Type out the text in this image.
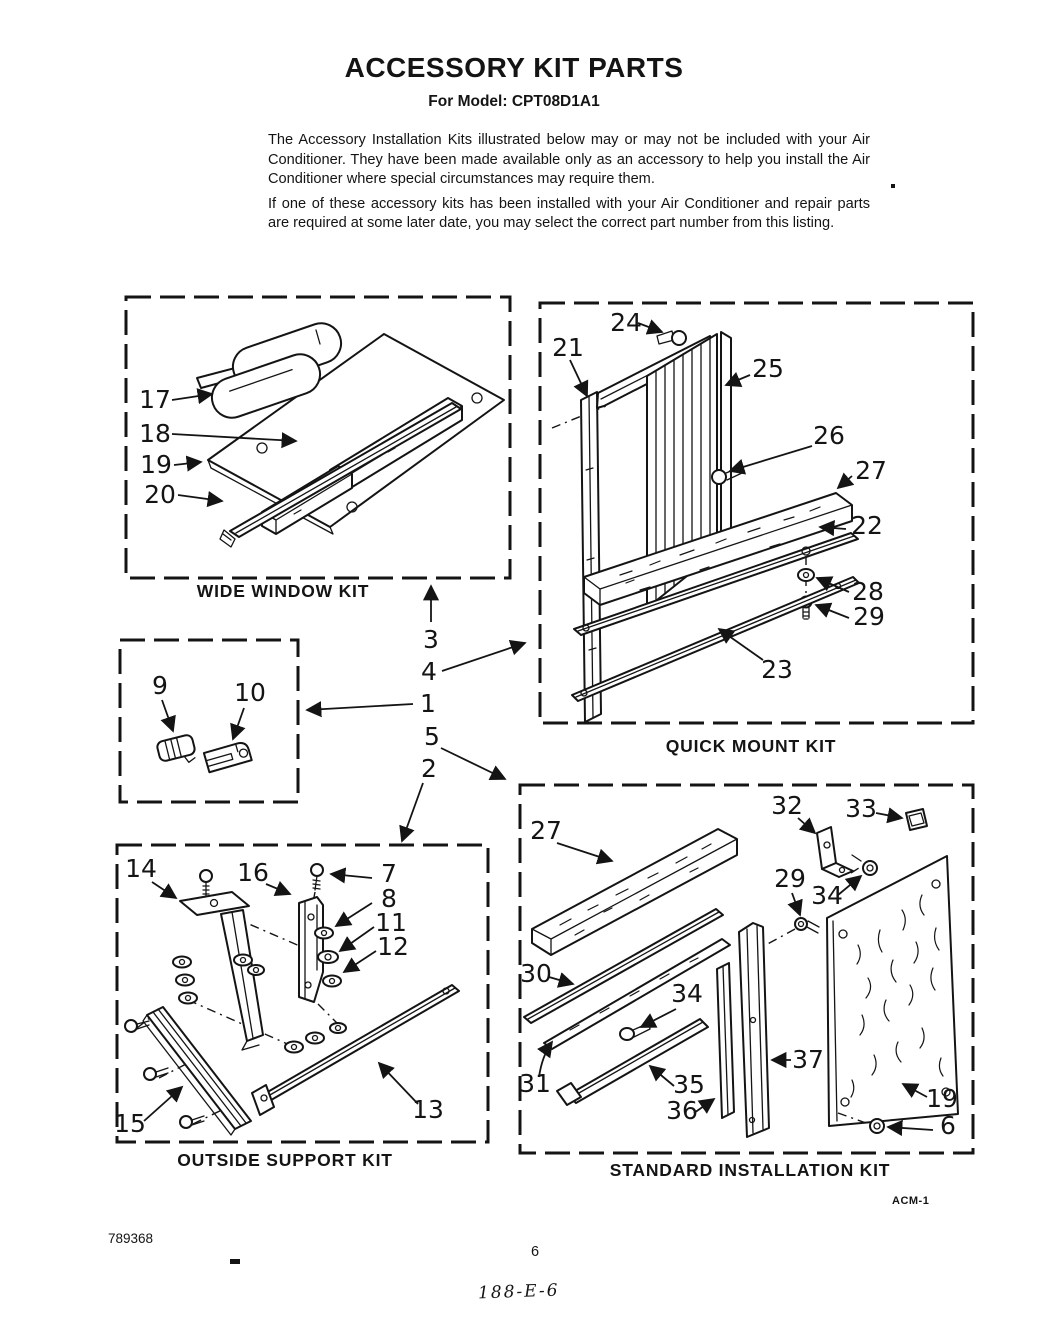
ACCESSORY KIT PARTS
For Model: CPT08D1A1

The Accessory Installation Kits illustrated below may or may not be included with your Air Conditioner. They have been made available only as an accessory to help you install the Air Conditioner where special circumstances may require them.

If one of these accessory kits has been installed with your Air Conditioner and repair parts are required at some later date, you may select the correct part number from this listing.

17
18
19
20
WIDE WINDOW KIT
24
21
25
26
27
22
28
29
23
QUICK MOUNT KIT
9	10
3
4
1
5
2
14	16	7
8
11
12
15	13
OUTSIDE SUPPORT KIT
27
32 33
29
34
30
34
31	35
36
37
19
6
STANDARD INSTALLATION KIT
ACM-1
789368
6
188-E-6
